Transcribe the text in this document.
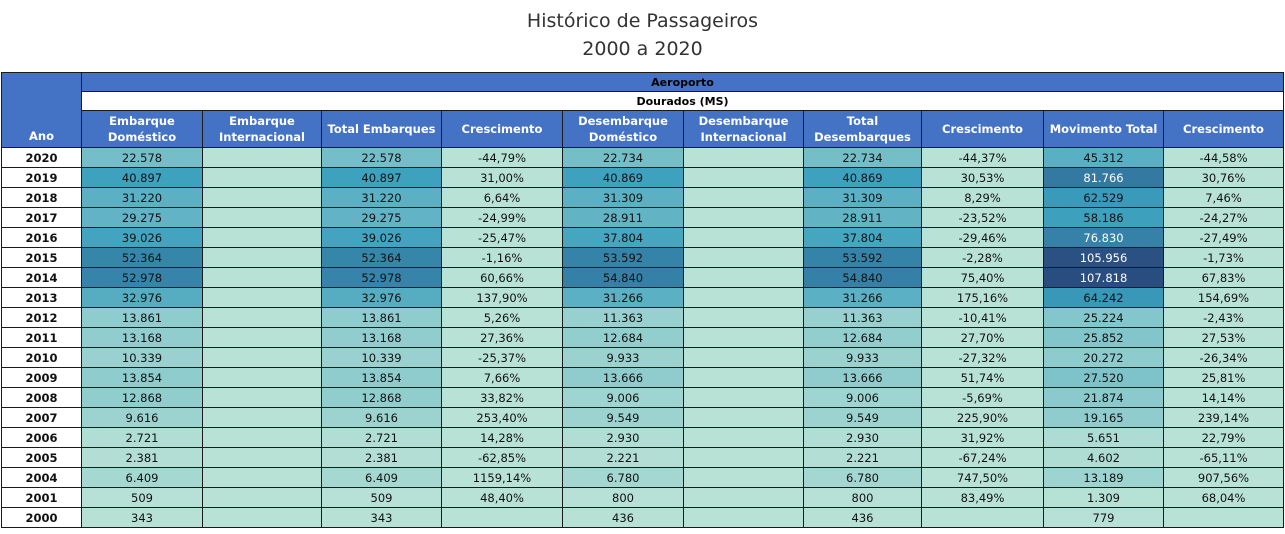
Histórico de Passageiros
2000 a 2020
Ano	Aeroporto									
	Dourados (MS)									
	Embarque Doméstico	Embarque Internacional	Total Embarques	Crescimento	Desembarque Doméstico	Desembarque Internacional	Total Desembarques	Crescimento	Movimento Total	Crescimento
2020	22.578		22.578	-44,79%	22.734		22.734	-44,37%	45.312	-44,58%
2019	40.897		40.897	31,00%	40.869		40.869	30,53%	81.766	30,76%
2018	31.220		31.220	6,64%	31.309		31.309	8,29%	62.529	7,46%
2017	29.275		29.275	-24,99%	28.911		28.911	-23,52%	58.186	-24,27%
2016	39.026		39.026	-25,47%	37.804		37.804	-29,46%	76.830	-27,49%
2015	52.364		52.364	-1,16%	53.592		53.592	-2,28%	105.956	-1,73%
2014	52.978		52.978	60,66%	54.840		54.840	75,40%	107.818	67,83%
2013	32.976		32.976	137,90%	31.266		31.266	175,16%	64.242	154,69%
2012	13.861		13.861	5,26%	11.363		11.363	-10,41%	25.224	-2,43%
2011	13.168		13.168	27,36%	12.684		12.684	27,70%	25.852	27,53%
2010	10.339		10.339	-25,37%	9.933		9.933	-27,32%	20.272	-26,34%
2009	13.854		13.854	7,66%	13.666		13.666	51,74%	27.520	25,81%
2008	12.868		12.868	33,82%	9.006		9.006	-5,69%	21.874	14,14%
2007	9.616		9.616	253,40%	9.549		9.549	225,90%	19.165	239,14%
2006	2.721		2.721	14,28%	2.930		2.930	31,92%	5.651	22,79%
2005	2.381		2.381	-62,85%	2.221		2.221	-67,24%	4.602	-65,11%
2004	6.409		6.409	1159,14%	6.780		6.780	747,50%	13.189	907,56%
2001	509		509	48,40%	800		800	83,49%	1.309	68,04%
2000	343		343		436		436		779	
